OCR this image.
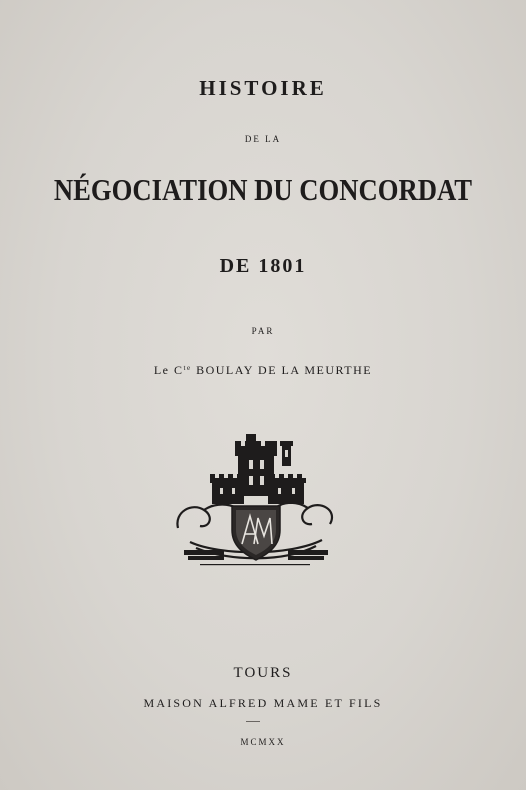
HISTOIRE
DE LA
NÉGOCIATION DU CONCORDAT
DE 1801
PAR
Le $C^{te}$ BOULAY DE LA MEURTHE
TOURS
MAISON ALFRED MAME ET FILS
MCMXX
